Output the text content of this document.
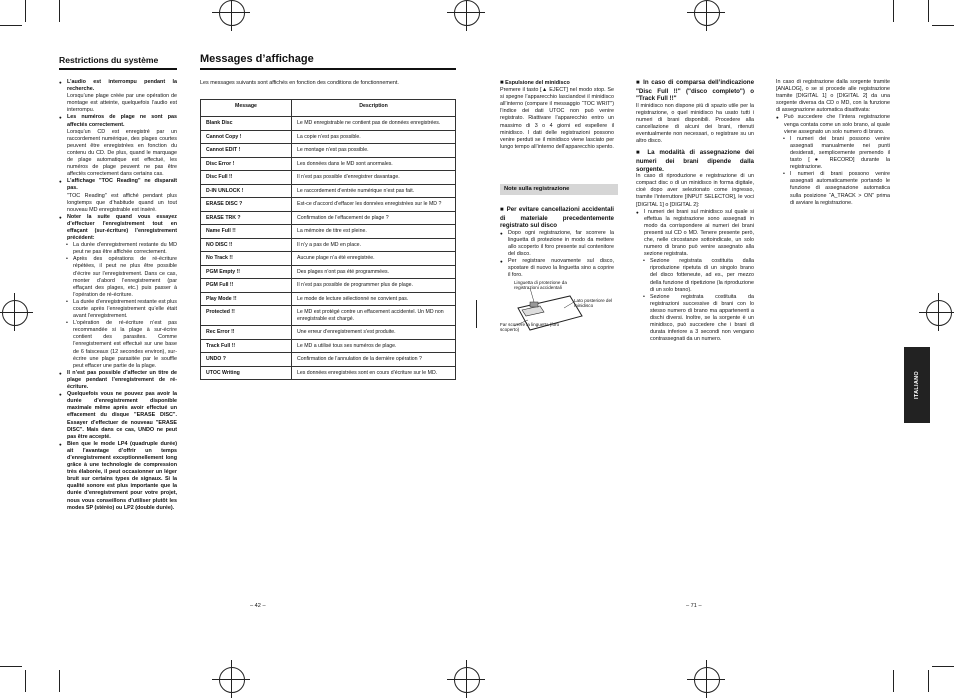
Restrictions du système

● L’audio est interrompu pendant la recherche.

Lorsqu’une plage créée par une opération de montage est atteinte, quelquefois l’audio est interrompu.

● Les numéros de plage ne sont pas affectés correctement.

Lorsqu’un CD est enregistré par un raccordement numérique, des plages courtes peuvent être enregistrées en fonction du contenu du CD. De plus, quand le marquage de plage automatique est effectué, les numéros de plage peuvent ne pas être affectés correctement dans certains cas.

● L’affichage "TOC Reading" ne disparaît pas.

"TOC Reading" est affiché pendant plus longtemps que d’habitude quand un tout nouveau MD enregistrable est inséré.

● Noter la suite quand vous essayez d’effectuer l’enregistrement tout en effaçant (sur-écriture) l’enregistrement précédent:

• La durée d’enregistrement restante du MD peut ne pas être affichée correctement.

• Après des opérations de ré-écriture répétées, il peut ne plus être possible d’écrire sur l’enregistrement. Dans ce cas, monter d’abord l’enregistrement (par effaçant des plages, etc.) puis passer à l’opération de ré-écriture.

• La durée d’enregistrement restante est plus courte après l’enregistrement qu’elle était avant l’enregistrement.

• L’opération de ré-écriture n’est pas recommandée si la plage à sur-écrire contient des parasites. Comme l’enregistrement est effectué sur une base de 6 faisceaux (12 secondes environ), sur-écrire une plage parasitée par le souffle peut effacer une partie de la plage.

● Il n’est pas possible d’affecter un titre de plage pendant l’enregistrement de ré-écriture.

● Quelquefois vous ne pouvez pas avoir la durée d’enregistrement disponible maximale même après avoir effectué un effacement du disque "ERASE DISC". Essayer d’effectuer de nouveau "ERASE DISC". Mais dans ce cas, UNDO ne peut pas être accepté.

● Bien que le mode LP4 (quadruple durée) ait l’avantage d’offrir un temps d’enregistrement exceptionnellement long grâce à une technologie de compression très élaborée, il peut occasionner un léger bruit sur certains types de signaux. Si la qualité sonore est plus importante que la durée d’enregistrement pour votre projet, nous vous conseillons d’utiliser plutôt les modes SP (stéréo) ou LP2 (double durée).

– 42 –
Messages d’affichage
Les messages suivants sont affichés en fonction des conditions de fonctionnement.
Message	Description
Blank Disc	Le MD enregistrable ne contient pas de données enregistrées.
Cannot Copy !	La copie n’est pas possible.
Cannot EDIT !	Le montage n’est pas possible.
Disc Error !	Les données dans le MD sont anormales.
Disc Full !!	Il n’est pas possible d’enregistrer davantage.
D-IN UNLOCK !	Le raccordement d’entrée numérique n’est pas fait.
ERASE DISC ?	Est-ce d’accord d’effacer les données enregistrées sur le MD ?
ERASE TRK ?	Confirmation de l’effacement de plage ?
Name Full !!	La mémoire de titre est pleine.
NO DISC !!	Il n’y a pas de MD en place.
No Track !!	Aucune plage n’a été enregistrée.
PGM Empty !!	Des plages n’ont pas été programmées.
PGM Full !!	Il n’est pas possible de programmer plus de plage.
Play Mode !!	Le mode de lecture sélectionné ne convient pas.
Protected !!	Le MD est protégé contre un effacement accidentel. Un MD non enregistrable est chargé.
Rec Error !!	Une erreur d’enregistrement s’est produite.
Track Full !!	Le MD a utilisé tous ses numéros de plage.
UNDO ?	Confirmation de l’annulation de la dernière opération ?
UTOC Writing	Les données enregistrées sont en cours d’écriture sur le MD.

■ Espulsione del minidisco

Premere il tasto [▲ EJECT] nel modo stop. Se si spegne l’apparecchio lasciandovi il minidisco all’interno (compare il messaggio “TOC WRIT”) l’indice dei dati UTOC non può venire registrato. Riattivare l’apparecchio entro un massimo di 3 o 4 giorni ed espellere il minidisco. I dati delle registrazioni possono venire perduti se il minidisco viene lasciato per lungo tempo all’interno dell’apparecchio spento.

Note sulla registrazione

■ Per evitare cancellazioni accidentali di materiale precedentemente registrato sul disco

● Dopo ogni registrazione, far scorrere la linguetta di protezione in modo da mettere allo scoperto il foro presente sul contenitore del disco.

● Per registrare nuovamente sul disco, spostare di nuovo la linguetta sino a coprire il foro.

Linguetta di protezione da registrazioni accidentali
Lato posteriore del minidisco
Far scorrere la linguetta (foro scoperto)

■ In caso di comparsa dell’indicazione "Disc Full !!" ("disco completo") o "Track Full !!"

Il minidisco non dispone più di spazio utile per la registrazione, o quel minidisco ha usato tutti i numeri di brani disponibili. Procedere alla cancellazione di alcuni dei brani, ritenuti eventualmente non necessari, o registrare su un altro disco.

■ La modalità di assegnazione dei numeri dei brani dipende dalla sorgente.

In caso di riproduzione e registrazione di un compact disc o di un minidisco in forma digitale, cioè dopo aver selezionato come ingresso, tramite l’interruttore [INPUT SELECTOR], le voci [DIGITAL 1] o [DIGITAL 2]:

● I numeri dei brani sul minidisco sul quale si effettua la registrazione sono assegnati in modo da corrispondere ai numeri dei brani presenti sul CD o MD. Tenere presente però, che, nelle circostanze sottoindicate, un solo numero di brano può venire assegnato alla sezione registrata.

• Sezione registrata costituita dalla riproduzione ripetuta di un singolo brano del disco fotteneute, ad es., per mezzo della funzione di ripetizione (la riproduzione di un solo brano).

• Sezione registrata costituita da registrazioni successive di brani con lo stesso numero di brano ma appartenenti a dischi diversi. Inoltre, se la sorgente è un minidisco, può succedere che i brani di durata inferiore a 3 secondi non vengano contrassegnati da un numero.

– 71 –

In caso di registrazione dalla sorgente tramite [ANALOG], o se si procede alle registrazione tramite [DIGITAL 1] o [DIGITAL 2] da una sorgente diversa da CD o MD, con la funzione di assegnazione automatica disattivata:

● Può succedere che l’intera registrazione venga contata come un solo brano, al quale viene assegnato un solo numero di brano.

• I numeri dei brani possono venire assegnati manualmente nei punti desiderati, semplicemente premendo il tasto [● RECORD] durante la registrazione.

• I numeri di brani possono venire assegnati automaticamente portando le funzione di assegnazione automatica sulla posizione “A_TRACK > ON” prima di avviare la registrazione.

ITALIANO
